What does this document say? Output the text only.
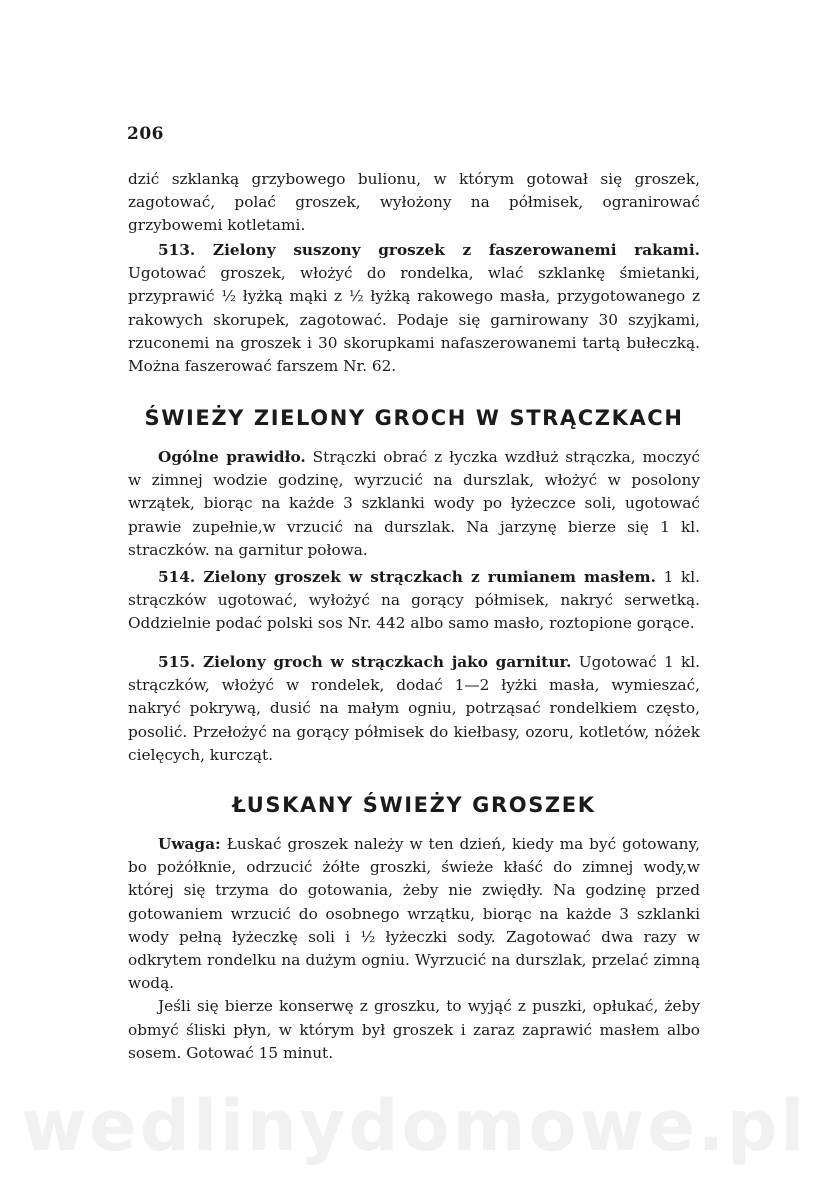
206

dzić szklanką grzybowego bulionu, w którym gotował się groszek, zagotować, polać groszek, wyłożony na półmisek, ogranirować grzybowemi kotletami.

513. Zielony suszony groszek z faszerowanemi rakami. Ugotować groszek, włożyć do rondelka, wlać szklankę śmietanki, przyprawić ½ łyżką mąki z ½ łyżką rakowego masła, przygotowanego z rakowych skorupek, zagotować. Podaje się garnirowany 30 szyjkami, rzuconemi na groszek i 30 skorupkami nafaszerowanemi tartą bułeczką. Można faszerować farszem Nr. 62.

ŚWIEŻY ZIELONY GROCH W STRĄCZKACH

Ogólne prawidło. Strączki obrać z łyczka wzdłuż strączka, moczyć w zimnej wodzie godzinę, wyrzucić na durszlak, włożyć w posolony wrzątek, biorąc na każde 3 szklanki wody po łyżeczce soli, ugotować prawie zupełnie,w vrzucić na durszlak. Na jarzynę bierze się 1 kl. straczków. na garnitur połowa.

514. Zielony groszek w strączkach z rumianem masłem. 1 kl. strączków ugotować, wyłożyć na gorący półmisek, nakryć serwetką. Oddzielnie podać polski sos Nr. 442 albo samo masło, roztopione gorące.

515. Zielony groch w strączkach jako garnitur. Ugotować 1 kl. strączków, włożyć w rondelek, dodać 1—2 łyżki masła, wymieszać, nakryć pokrywą, dusić na małym ogniu, potrząsać rondelkiem często, posolić. Przełożyć na gorący półmisek do kiełbasy, ozoru, kotletów, nóżek cielęcych, kurcząt.

ŁUSKANY ŚWIEŻY GROSZEK

Uwaga: Łuskać groszek należy w ten dzień, kiedy ma być gotowany, bo pożółknie, odrzucić żółte groszki, świeże kłaść do zimnej wody,w której się trzyma do gotowania, żeby nie zwiędły. Na godzinę przed gotowaniem wrzucić do osobnego wrzątku, biorąc na każde 3 szklanki wody pełną łyżeczkę soli i ½ łyżeczki sody. Zagotować dwa razy w odkrytem rondelku na dużym ogniu. Wyrzucić na durszlak, przelać zimną wodą.

Jeśli się bierze konserwę z groszku, to wyjąć z puszki, opłukać, żeby obmyć śliski płyn, w którym był groszek i zaraz zaprawić masłem albo sosem. Gotować 15 minut.

wedlinydomowe.pl
